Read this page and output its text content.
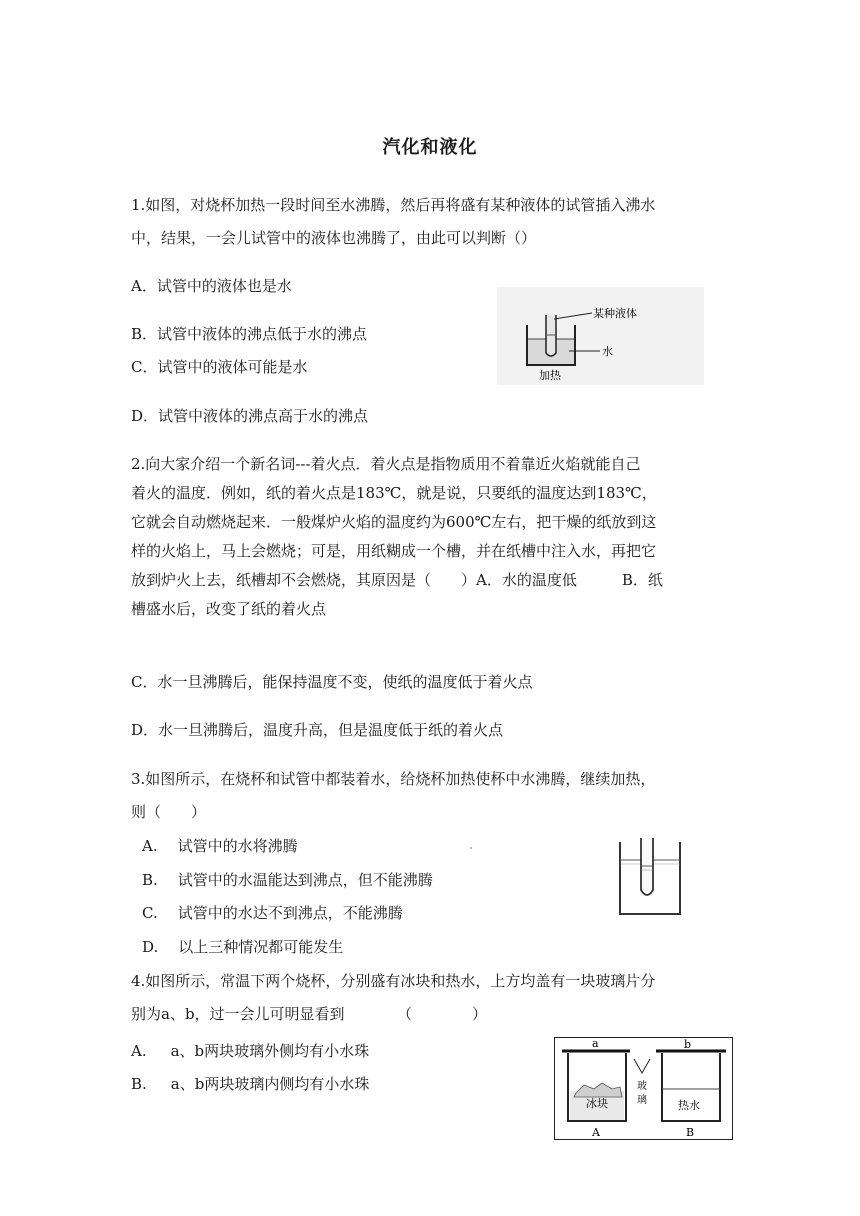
汽化和液化
1.如图，对烧杯加热一段时间至水沸腾，然后再将盛有某种液体的试管插入沸水
中，结果，一会儿试管中的液体也沸腾了，由此可以判断（）
A．试管中的液体也是水
B．试管中液体的沸点低于水的沸点
C．试管中的液体可能是水
D．试管中液体的沸点高于水的沸点
某种液体
水
加热
2.向大家介绍一个新名词---着火点．着火点是指物质用不着靠近火焰就能自己
着火的温度．例如，纸的着火点是183℃，就是说，只要纸的温度达到183℃，
它就会自动燃烧起来．一般煤炉火焰的温度约为600℃左右，把干燥的纸放到这
样的火焰上，马上会燃烧；可是，用纸糊成一个槽，并在纸槽中注入水，再把它
放到炉火上去，纸槽却不会燃烧，其原因是（　　）A．水的温度低　　　B．纸
槽盛水后，改变了纸的着火点
C．水一旦沸腾后，能保持温度不变，使纸的温度低于着火点
D．水一旦沸腾后，温度升高，但是温度低于纸的着火点
3.如图所示，在烧杯和试管中都装着水，给烧杯加热使杯中水沸腾，继续加热，
则（　　）
A. 试管中的水将沸腾
B. 试管中的水温能达到沸点，但不能沸腾
C. 试管中的水达不到沸点，不能沸腾
D. 以上三种情况都可能发生
4.如图所示，常温下两个烧杯，分别盛有冰块和热水，上方均盖有一块玻璃片分
别为a、b，过一会儿可明显看到　　　　（　　　　）
A. a、b两块玻璃外侧均有小水珠
B. a、b两块玻璃内侧均有小水珠
a	b
冰块
玻
璃	热水
A	B
